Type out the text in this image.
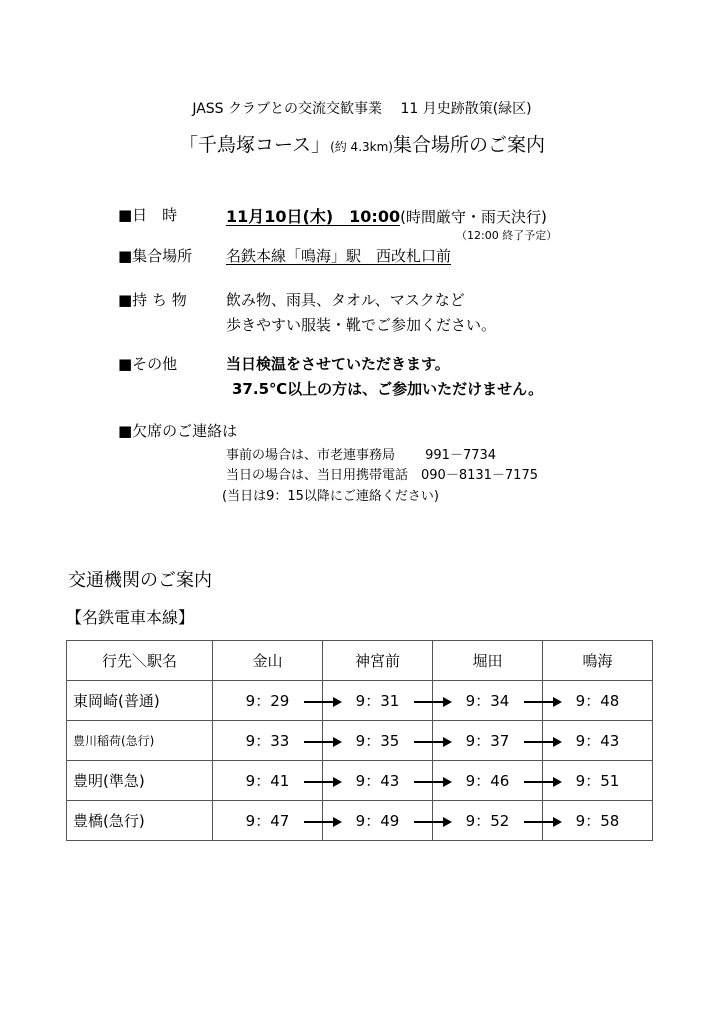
JASS クラブとの交流交歓事業　 11 月史跡散策(緑区)
「千鳥塚コース」(約 4.3km)集合場所のご案内
■日　時	11月10日(木)　10:00(時間厳守・雨天決行)
（12:00 終了予定）
■集合場所 名鉄本線「鳴海」駅　西改札口前
■持 ち 物	飲み物、雨具、タオル、マスクなど
歩きやすい服装・靴でご参加ください。
■その他	当日検温をさせていただきます。
37.5℃以上の方は、ご参加いただけません。
■欠席のご連絡は
事前の場合は、市老連事務局　　 991－7734
当日の場合は、当日用携帯電話　090－8131－7175
(当日は9：15以降にご連絡ください)
交通機関のご案内
【名鉄電車本線】
行先＼駅名	金山	神宮前	堀田	鳴海
東岡崎(普通)	9：29	9：31	9：34	9：48
豊川稲荷(急行)	9：33	9：35	9：37	9：43
豊明(準急)	9：41	9：43	9：46	9：51
豊橋(急行)	9：47	9：49	9：52	9：58
